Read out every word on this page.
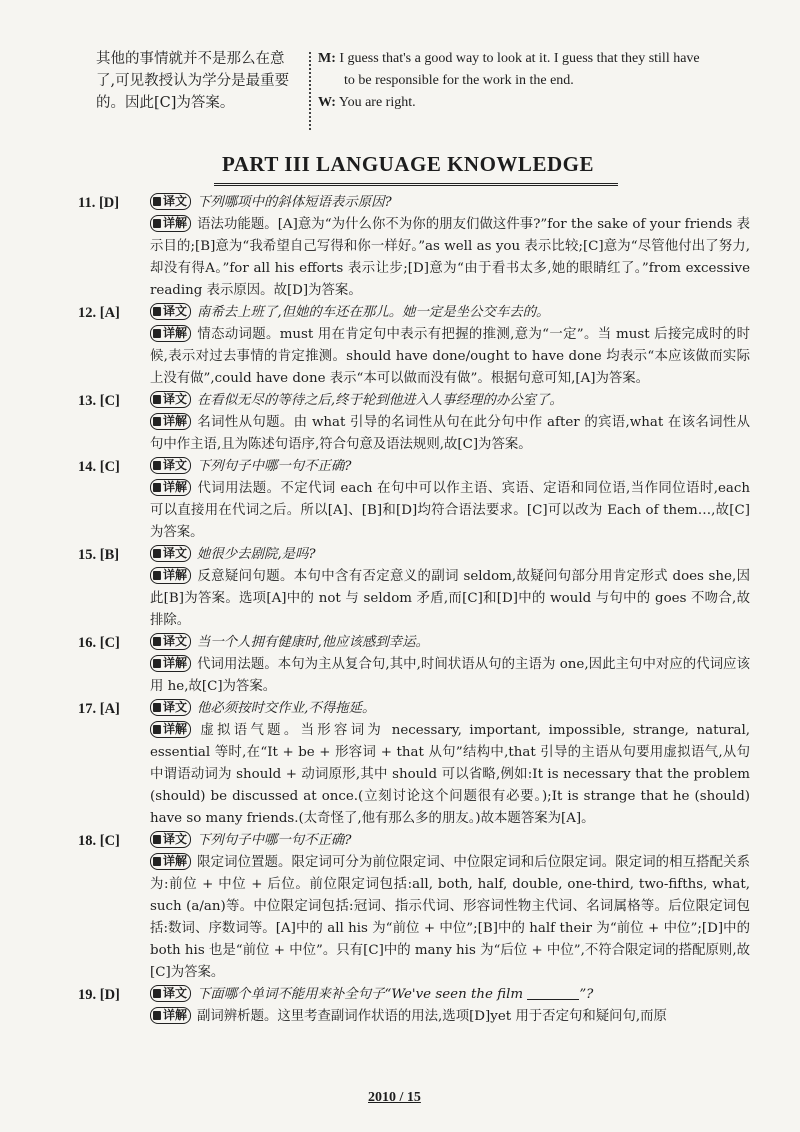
其他的事情就并不是那么在意了,可见教授认为学分是最重要的。因此[C]为答案。
M: I guess that's a good way to look at it. I guess that they still have
to be responsible for the work in the end.
W: You are right.
PART III LANGUAGE KNOWLEDGE
11. [D]	译文 下列哪项中的斜体短语表示原因?
详解 语法功能题。[A]意为“为什么你不为你的朋友们做这件事?”for the sake of your friends 表示目的;[B]意为“我希望自己写得和你一样好。”as well as you 表示比较;[C]意为“尽管他付出了努力,却没有得A。”for all his efforts 表示让步;[D]意为“由于看书太多,她的眼睛红了。”from excessive reading 表示原因。故[D]为答案。
12. [A]	译文 南希去上班了,但她的车还在那儿。她一定是坐公交车去的。
详解 情态动词题。must 用在肯定句中表示有把握的推测,意为“一定”。当 must 后接完成时的时候,表示对过去事情的肯定推测。should have done/ought to have done 均表示“本应该做而实际上没有做”,could have done 表示“本可以做而没有做”。根据句意可知,[A]为答案。
13. [C]	译文 在看似无尽的等待之后,终于轮到他进入人事经理的办公室了。
详解 名词性从句题。由 what 引导的名词性从句在此分句中作 after 的宾语,what 在该名词性从句中作主语,且为陈述句语序,符合句意及语法规则,故[C]为答案。
14. [C]	译文 下列句子中哪一句不正确?
详解 代词用法题。不定代词 each 在句中可以作主语、宾语、定语和同位语,当作同位语时,each 可以直接用在代词之后。所以[A]、[B]和[D]均符合语法要求。[C]可以改为 Each of them…,故[C]为答案。
15. [B]	译文 她很少去剧院,是吗?
详解 反意疑问句题。本句中含有否定意义的副词 seldom,故疑问句部分用肯定形式 does she,因此[B]为答案。选项[A]中的 not 与 seldom 矛盾,而[C]和[D]中的 would 与句中的 goes 不吻合,故排除。
16. [C]	译文 当一个人拥有健康时,他应该感到幸运。
详解 代词用法题。本句为主从复合句,其中,时间状语从句的主语为 one,因此主句中对应的代词应该用 he,故[C]为答案。
17. [A]	译文 他必须按时交作业,不得拖延。
详解 虚拟语气题。当形容词为 necessary, important, impossible, strange, natural, essential 等时,在“It + be + 形容词 + that 从句”结构中,that 引导的主语从句要用虚拟语气,从句中谓语动词为 should + 动词原形,其中 should 可以省略,例如:It is necessary that the problem (should) be discussed at once.(立刻讨论这个问题很有必要。);It is strange that he (should) have so many friends.(太奇怪了,他有那么多的朋友。)故本题答案为[A]。
18. [C]	译文 下列句子中哪一句不正确?
详解 限定词位置题。限定词可分为前位限定词、中位限定词和后位限定词。限定词的相互搭配关系为:前位 + 中位 + 后位。前位限定词包括:all, both, half, double, one-third, two-fifths, what, such (a/an)等。中位限定词包括:冠词、指示代词、形容词性物主代词、名词属格等。后位限定词包括:数词、序数词等。[A]中的 all his 为“前位 + 中位”;[B]中的 half their 为“前位 + 中位”;[D]中的 both his 也是“前位 + 中位”。只有[C]中的 many his 为“后位 + 中位”,不符合限定词的搭配原则,故[C]为答案。
19. [D]	译文 下面哪个单词不能用来补全句子“We've seen the film	”?
详解 副词辨析题。这里考查副词作状语的用法,选项[D]yet 用于否定句和疑问句,而原
2010 / 15
